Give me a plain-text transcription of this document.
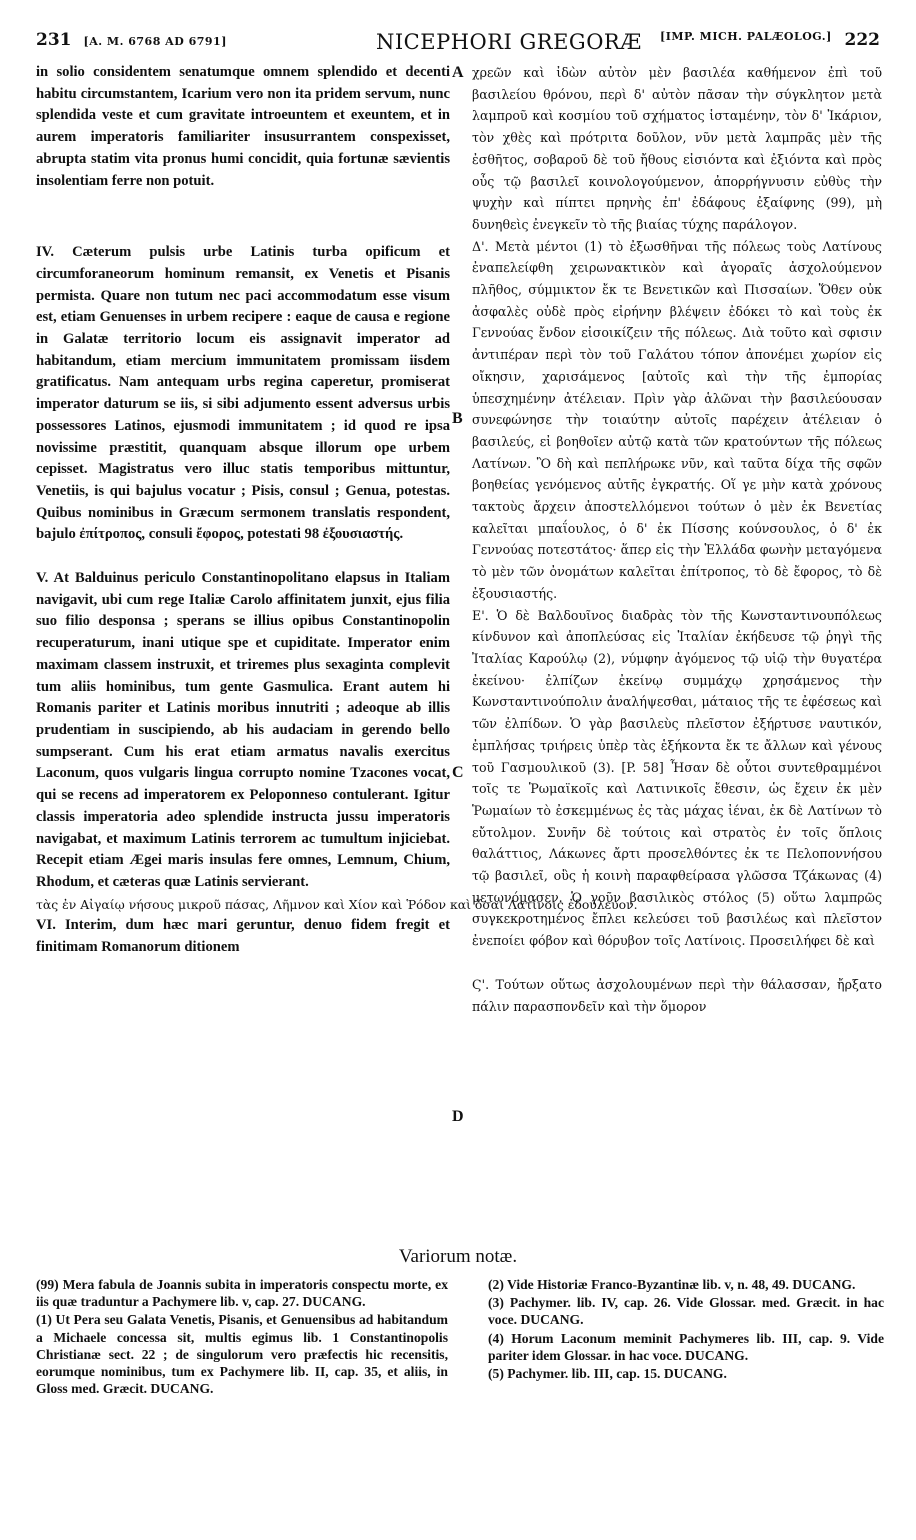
231 [A. M. 6768 AD 6791]	NICEPHORI GREGORÆ [IMP. MICH. PALÆOLOG.] 222

in solio considentem senatumque omnem splendido et decenti habitu circumstantem, Icarium vero non ita pridem servum, nunc splendida veste et cum gravitate introeuntem et exeuntem, et in aurem imperatoris familiariter insusurrantem conspexisset, abrupta statim vita pronus humi concidit, quia fortunæ sævientis insolentiam ferre non potuit.

IV. Cæterum pulsis urbe Latinis turba opificum et circumforaneorum hominum remansit, ex Venetis et Pisanis permista. Quare non tutum nec paci accommodatum esse visum est, etiam Genuenses in urbem recipere : eaque de causa e regione in Galatæ territorio locum eis assignavit imperator ad habitandum, etiam mercium immunitatem promissam iisdem gratificatus. Nam antequam urbs regina caperetur, promiserat imperator daturum se iis, si sibi adjumento essent adversus urbis possessores Latinos, ejusmodi immunitatem ; id quod re ipsa novissime præstitit, quanquam absque illorum ope urbem cepisset. Magistratus vero illuc statis temporibus mittuntur, Venetiis, is qui bajulus vocatur ; Pisis, consul ; Genua, potestas. Quibus nominibus in Græcum sermonem translatis respondent, bajulo ἐπίτροπος, consuli ἔφορος, potestati 98 ἐξουσιαστής.

V. At Balduinus periculo Constantinopolitano elapsus in Italiam navigavit, ubi cum rege Italiæ Carolo affinitatem junxit, ejus filia suo filio desponsa ; sperans se illius opibus Constantinopolin recuperaturum, inani utique spe et cupiditate. Imperator enim maximam classem instruxit, et triremes plus sexaginta complevit tum aliis hominibus, tum gente Gasmulica. Erant autem hi Romanis pariter et Latinis moribus innutriti ; adeoque ab illis prudentiam in suscipiendo, ab his audaciam in gerendo bello sumpserant. Cum his erat etiam armatus navalis exercitus Laconum, quos vulgaris lingua corrupto nomine Tzacones vocat, qui se recens ad imperatorem ex Peloponneso contulerant. Igitur classis imperatoria adeo splendide instructa jussu imperatoris navigabat, et maximum Latinis terrorem ac tumultum injiciebat. Recepit etiam Ægei maris insulas fere omnes, Lemnum, Chium, Rhodum, et cæteras quæ Latinis servierant.

τὰς ἐν Αἰγαίῳ νήσους μικροῦ πάσας, Λῆμνον καὶ Χίον καὶ Ῥόδον καὶ ὅσαι Λατίνοις ἐδούλευον.

VI. Interim, dum hæc mari geruntur, denuo fidem fregit et finitimam Romanorum ditionem

A
B
C
D

χρεῶν καὶ ἰδὼν αὐτὸν μὲν βασιλέα καθήμενον ἐπὶ τοῦ βασιλείου θρόνου, περὶ δ' αὐτὸν πᾶσαν τὴν σύγκλητον μετὰ λαμπροῦ καὶ κοσμίου τοῦ σχήματος ἱσταμένην, τὸν δ' Ἰκάριον, τὸν χθὲς καὶ πρότριτα δοῦλον, νῦν μετὰ λαμπρᾶς μὲν τῆς ἐσθῆτος, σοβαροῦ δὲ τοῦ ἤθους εἰσιόντα καὶ ἐξιόντα καὶ πρὸς οὖς τῷ βασιλεῖ κοινολογούμενον, ἀπορρήγνυσιν εὐθὺς τὴν ψυχὴν καὶ πίπτει πρηνὴς ἐπ' ἐδάφους ἐξαίφνης (99), μὴ δυνηθεὶς ἐνεγκεῖν τὸ τῆς βιαίας τύχης παράλογον.

Δ'. Μετὰ μέντοι (1) τὸ ἐξωσθῆναι τῆς πόλεως τοὺς Λατίνους ἐναπελείφθη χειρωνακτικὸν καὶ ἀγοραῖς ἀσχολούμενον πλῆθος, σύμμικτον ἔκ τε Βενετικῶν καὶ Πισσαίων. Ὅθεν οὐκ ἀσφαλὲς οὐδὲ πρὸς εἰρήνην βλέψειν ἐδόκει τὸ καὶ τοὺς ἐκ Γεννούας ἔνδον εἰσοικίζειν τῆς πόλεως. Διὰ τοῦτο καὶ σφισιν ἀντιπέραν περὶ τὸν τοῦ Γαλάτου τόπον ἀπονέμει χωρίον εἰς οἴκησιν, χαρισάμενος [αὐτοῖς καὶ τὴν τῆς ἐμπορίας ὑπεσχημένην ἀτέλειαν. Πρὶν γὰρ ἁλῶναι τὴν βασιλεύουσαν συνεφώνησε τὴν τοιαύτην αὐτοῖς παρέχειν ἀτέλειαν ὁ βασιλεύς, εἰ βοηθοῖεν αὐτῷ κατὰ τῶν κρατούντων τῆς πόλεως Λατίνων. Ὃ δὴ καὶ πεπλήρωκε νῦν, καὶ ταῦτα δίχα τῆς σφῶν βοηθείας γενόμενος αὐτῆς ἐγκρατής. Οἵ γε μὴν κατὰ χρόνους τακτοὺς ἄρχειν ἀποστελλόμενοι τούτων ὁ μὲν ἐκ Βενετίας καλεῖται μπαΐουλος, ὁ δ' ἐκ Πίσσης κούνσουλος, ὁ δ' ἐκ Γεννούας ποτεστάτος· ἅπερ εἰς τὴν Ἑλλάδα φωνὴν μεταγόμενα τὸ μὲν τῶν ὀνομάτων καλεῖται ἐπίτροπος, τὸ δὲ ἔφορος, τὸ δὲ ἐξουσιαστής.

Ε'. Ὁ δὲ Βαλδουῖνος διαδρὰς τὸν τῆς Κωνσταντινουπόλεως κίνδυνον καὶ ἀποπλεύσας εἰς Ἰταλίαν ἐκήδευσε τῷ ῥηγὶ τῆς Ἰταλίας Καρούλῳ (2), νύμφην ἀγόμενος τῷ υἱῷ τὴν θυγατέρα ἐκείνου· ἐλπίζων ἐκείνῳ συμμάχῳ χρησάμενος τὴν Κωνσταντινούπολιν ἀναλήψεσθαι, μάταιος τῆς τε ἐφέσεως καὶ τῶν ἐλπίδων. Ὁ γὰρ βασιλεὺς πλεῖστον ἐξήρτυσε ναυτικόν, ἐμπλήσας τριήρεις ὑπὲρ τὰς ἑξήκοντα ἔκ τε ἄλλων καὶ γένους τοῦ Γασμουλικοῦ (3). [P. 58] Ἦσαν δὲ οὗτοι συντεθραμμένοι τοῖς τε Ῥωμαϊκοῖς καὶ Λατινικοῖς ἔθεσιν, ὡς ἔχειν ἐκ μὲν Ῥωμαίων τὸ ἐσκεμμένως ἐς τὰς μάχας ἰέναι, ἐκ δὲ Λατίνων τὸ εὔτολμον. Συνῆν δὲ τούτοις καὶ στρατὸς ἐν τοῖς ὅπλοις θαλάττιος, Λάκωνες ἄρτι προσελθόντες ἐκ τε Πελοποννήσου τῷ βασιλεῖ, οὓς ἡ κοινὴ παραφθείρασα γλῶσσα Τζάκωνας (4) μετωνόμασεν. Ὁ γοῦν βασιλικὸς στόλος (5) οὕτω λαμπρῶς συγκεκροτημένος ἔπλει κελεύσει τοῦ βασιλέως καὶ πλεῖστον ἐνεποίει φόβον καὶ θόρυβον τοῖς Λατίνοις. Προσειλήφει δὲ καὶ

Ϛ'. Τούτων οὕτως ἀσχολουμένων περὶ τὴν θάλασσαν, ἤρξατο πάλιν παρασπονδεῖν καὶ τὴν ὅμορον

Variorum notæ.

(99) Mera fabula de Joannis subita in imperatoris conspectu morte, ex iis quæ traduntur a Pachymere lib. v, cap. 27. DUCANG.

(1) Ut Pera seu Galata Venetis, Pisanis, et Genuensibus ad habitandum a Michaele concessa sit, multis egimus lib. 1 Constantinopolis Christianæ sect. 22 ; de singulorum vero præfectis hic recensitis, eorumque nominibus, tum ex Pachymere lib. II, cap. 35, et aliis, in Gloss med. Græcit. DUCANG.

(2) Vide Historiæ Franco-Byzantinæ lib. v, n. 48, 49. DUCANG.

(3) Pachymer. lib. IV, cap. 26. Vide Glossar. med. Græcit. in hac voce. DUCANG.

(4) Horum Laconum meminit Pachymeres lib. III, cap. 9. Vide pariter idem Glossar. in hac voce. DUCANG.

(5) Pachymer. lib. III, cap. 15. DUCANG.
